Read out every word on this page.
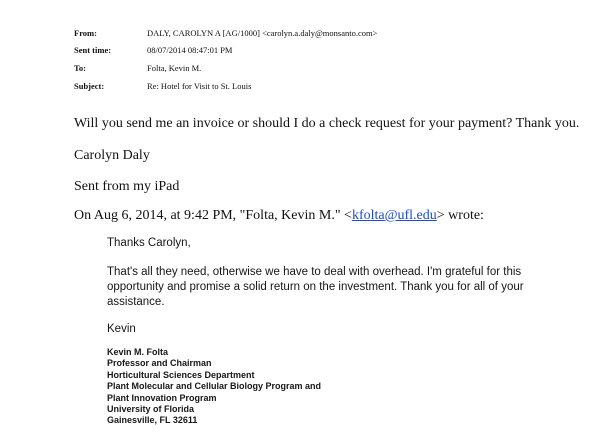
From:	DALY, CAROLYN A [AG/1000] <carolyn.a.daly@monsanto.com>
Sent time:	08/07/2014 08:47:01 PM
To:	Folta, Kevin M.
Subject:	Re: Hotel for Visit to St. Louis
Will you send me an invoice or should I do a check request for your payment? Thank you.
Carolyn Daly
Sent from my iPad
On Aug 6, 2014, at 9:42 PM, "Folta, Kevin M." <kfolta@ufl.edu> wrote:
Thanks Carolyn,
That's all they need, otherwise we have to deal with overhead. I'm grateful for this opportunity and promise a solid return on the investment. Thank you for all of your assistance.
Kevin
Kevin M. Folta
Professor and Chairman
Horticultural Sciences Department
Plant Molecular and Cellular Biology Program and
Plant Innovation Program
University of Florida
Gainesville, FL 32611
